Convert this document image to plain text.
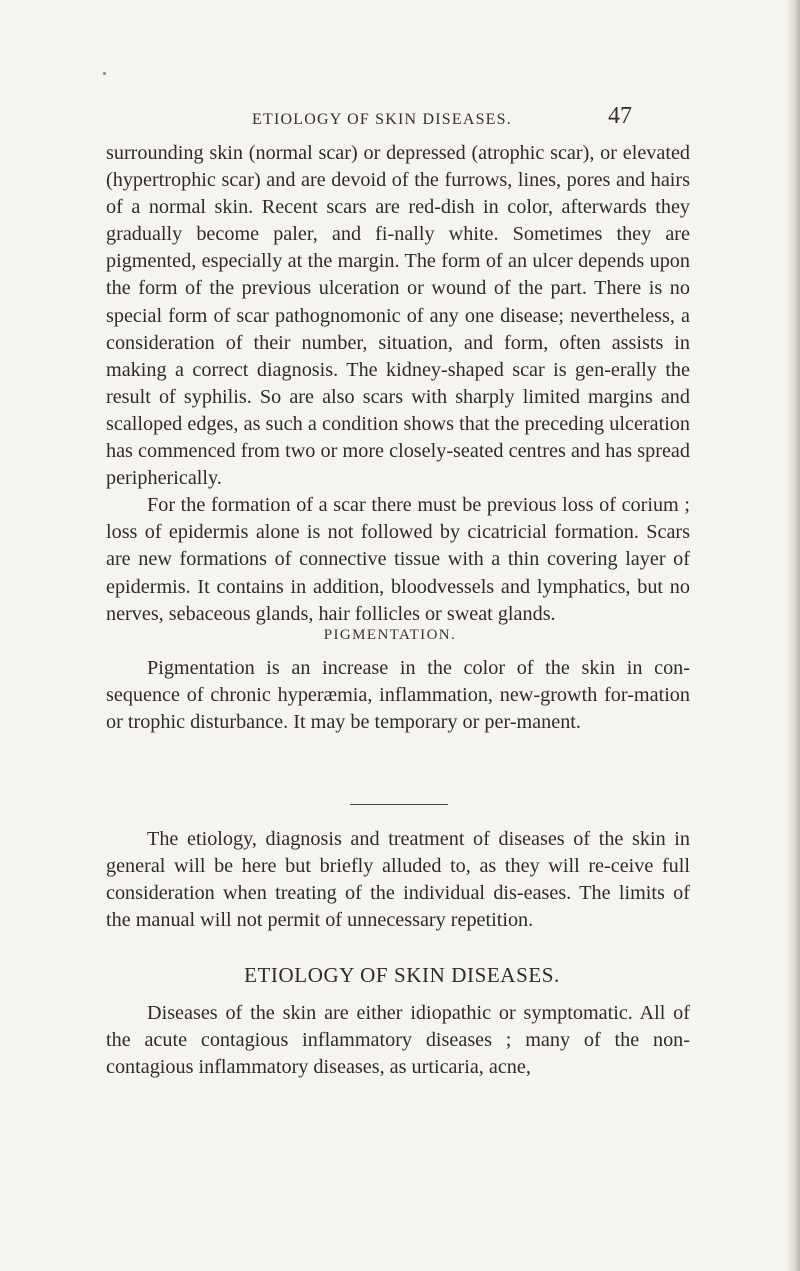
ETIOLOGY OF SKIN DISEASES.	47

surrounding skin (normal scar) or depressed (atrophic scar), or elevated (hypertrophic scar) and are devoid of the furrows, lines, pores and hairs of a normal skin. Recent scars are red-dish in color, afterwards they gradually become paler, and fi-nally white. Sometimes they are pigmented, especially at the margin. The form of an ulcer depends upon the form of the previous ulceration or wound of the part. There is no special form of scar pathognomonic of any one disease; nevertheless, a consideration of their number, situation, and form, often assists in making a correct diagnosis. The kidney-shaped scar is gen-erally the result of syphilis. So are also scars with sharply limited margins and scalloped edges, as such a condition shows that the preceding ulceration has commenced from two or more closely-seated centres and has spread peripherically.

For the formation of a scar there must be previous loss of corium ; loss of epidermis alone is not followed by cicatricial formation. Scars are new formations of connective tissue with a thin covering layer of epidermis. It contains in addition, bloodvessels and lymphatics, but no nerves, sebaceous glands, hair follicles or sweat glands.

PIGMENTATION.

Pigmentation is an increase in the color of the skin in con-sequence of chronic hyperæmia, inflammation, new-growth for-mation or trophic disturbance. It may be temporary or per-manent.

The etiology, diagnosis and treatment of diseases of the skin in general will be here but briefly alluded to, as they will re-ceive full consideration when treating of the individual dis-eases. The limits of the manual will not permit of unnecessary repetition.

ETIOLOGY OF SKIN DISEASES.

Diseases of the skin are either idiopathic or symptomatic. All of the acute contagious inflammatory diseases ; many of the non-contagious inflammatory diseases, as urticaria, acne,
